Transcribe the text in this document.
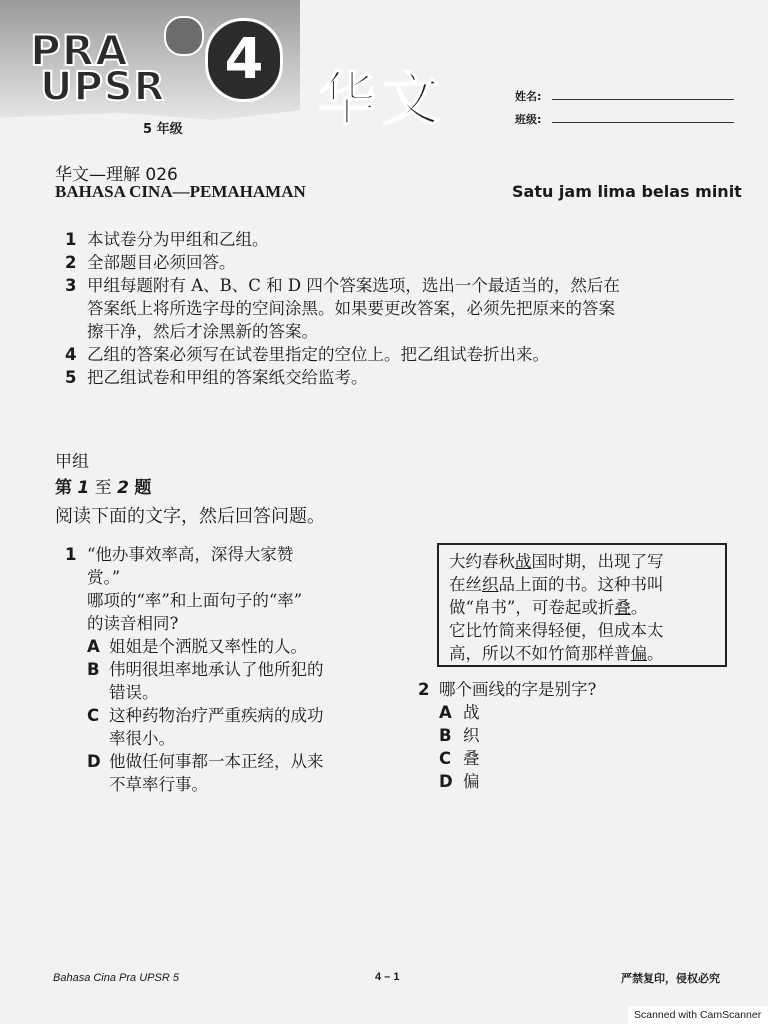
PRA
UPSR	4
5 年级 华文	姓名:
班级:
华文—理解 026
BAHASA CINA—PEMAHAMAN	Satu jam lima belas minit
1 本试卷分为甲组和乙组。
2 全部题目必须回答。
3 甲组每题附有 A、B、C 和 D 四个答案选项，选出一个最适当的，然后在
答案纸上将所选字母的空间涂黑。如果要更改答案，必须先把原来的答案
擦干净，然后才涂黑新的答案。
4 乙组的答案必须写在试卷里指定的空位上。把乙组试卷折出来。
5 把乙组试卷和甲组的答案纸交给监考。
甲组
第 1 至 2 题
阅读下面的文字，然后回答问题。
1 “他办事效率高，深得大家赞
赏。”
哪项的“率”和上面句子的“率”
的读音相同?
A 姐姐是个洒脱又率性的人。
B 伟明很坦率地承认了他所犯的
错误。
C 这种药物治疗严重疾病的成功
率很小。
D 他做任何事都一本正经，从来
不草率行事。
大约春秋战国时期，出现了写
在丝织品上面的书。这种书叫
做“帛书”，可卷起或折叠。
它比竹简来得轻便，但成本太
高，所以不如竹简那样普偏。
2 哪个画线的字是别字?
A 战
B 织
C 叠
D 偏
Bahasa Cina Pra UPSR 5	4 – 1	严禁复印，侵权必究
Scanned with CamScanner
